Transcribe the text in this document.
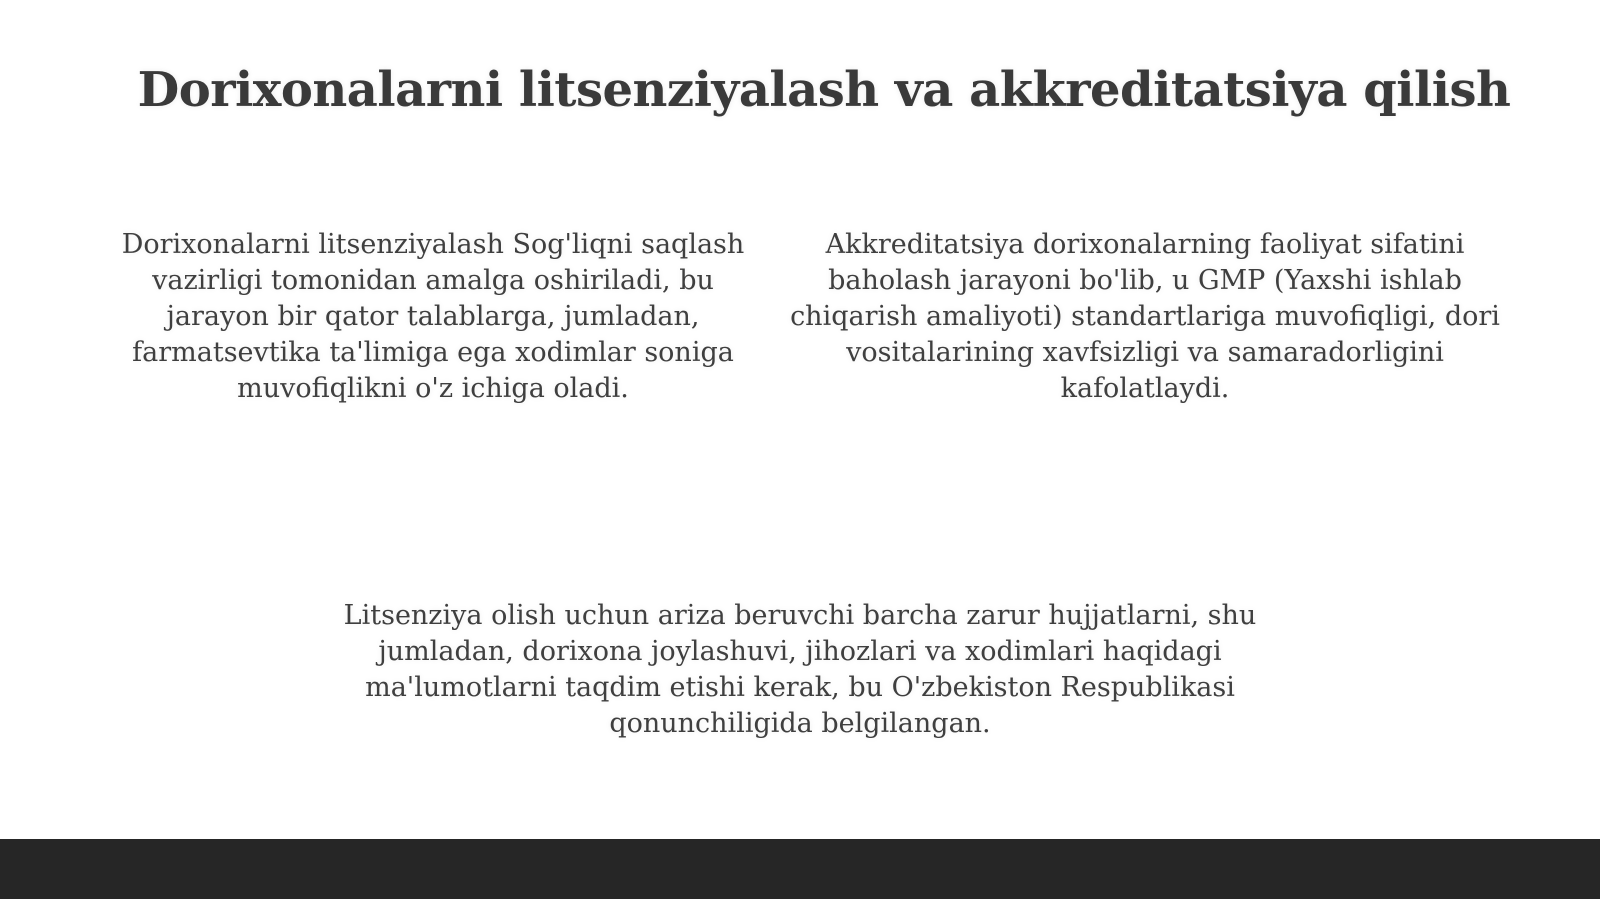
Dorixonalarni litsenziyalash va akkreditatsiya qilish

Dorixonalarni litsenziyalash Sog'liqni saqlash vazirligi tomonidan amalga oshiriladi, bu jarayon bir qator talablarga, jumladan, farmatsevtika ta'limiga ega xodimlar soniga muvofiqlikni o'z ichiga oladi.

Akkreditatsiya dorixonalarning faoliyat sifatini baholash jarayoni bo'lib, u GMP (Yaxshi ishlab chiqarish amaliyoti) standartlariga muvofiqligi, dori vositalarining xavfsizligi va samaradorligini kafolatlaydi.

Litsenziya olish uchun ariza beruvchi barcha zarur hujjatlarni, shu jumladan, dorixona joylashuvi, jihozlari va xodimlari haqidagi ma'lumotlarni taqdim etishi kerak, bu O'zbekiston Respublikasi qonunchiligida belgilangan.
